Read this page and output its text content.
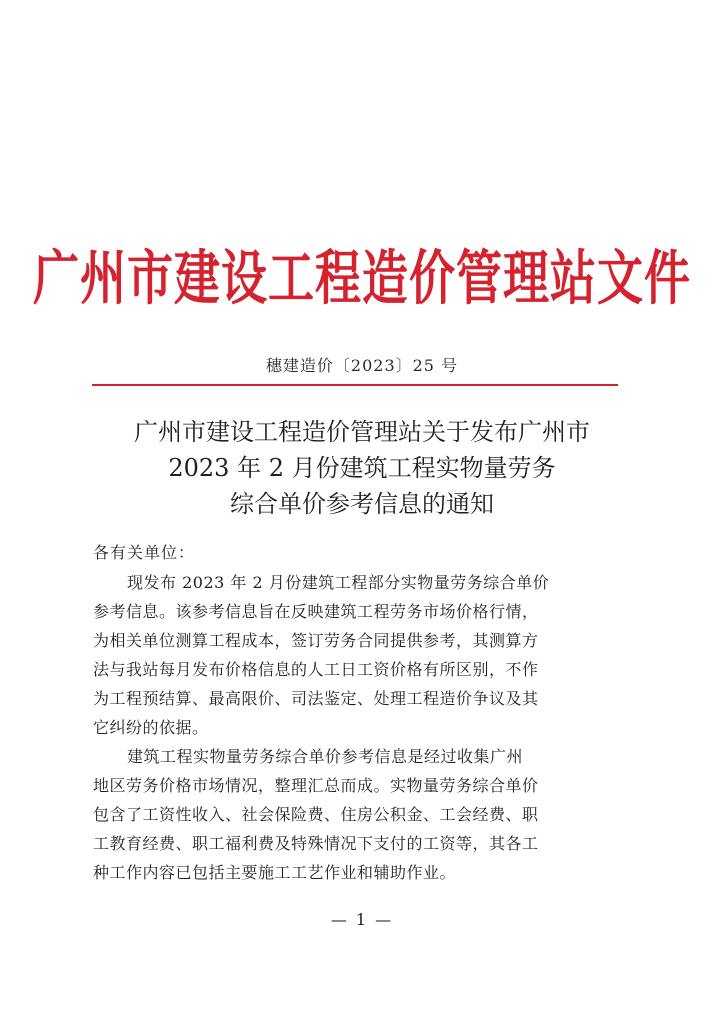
广州市建设工程造价管理站文件
穗建造价〔2023〕25 号
广州市建设工程造价管理站关于发布广州市
2023 年 2 月份建筑工程实物量劳务
综合单价参考信息的通知
各有关单位：
现发布 2023 年 2 月份建筑工程部分实物量劳务综合单价
参考信息。该参考信息旨在反映建筑工程劳务市场价格行情，
为相关单位测算工程成本，签订劳务合同提供参考，其测算方
法与我站每月发布价格信息的人工日工资价格有所区别，不作
为工程预结算、最高限价、司法鉴定、处理工程造价争议及其
它纠纷的依据。
建筑工程实物量劳务综合单价参考信息是经过收集广州
地区劳务价格市场情况，整理汇总而成。实物量劳务综合单价
包含了工资性收入、社会保险费、住房公积金、工会经费、职
工教育经费、职工福利费及特殊情况下支付的工资等，其各工
种工作内容已包括主要施工工艺作业和辅助作业。
— 1 —
